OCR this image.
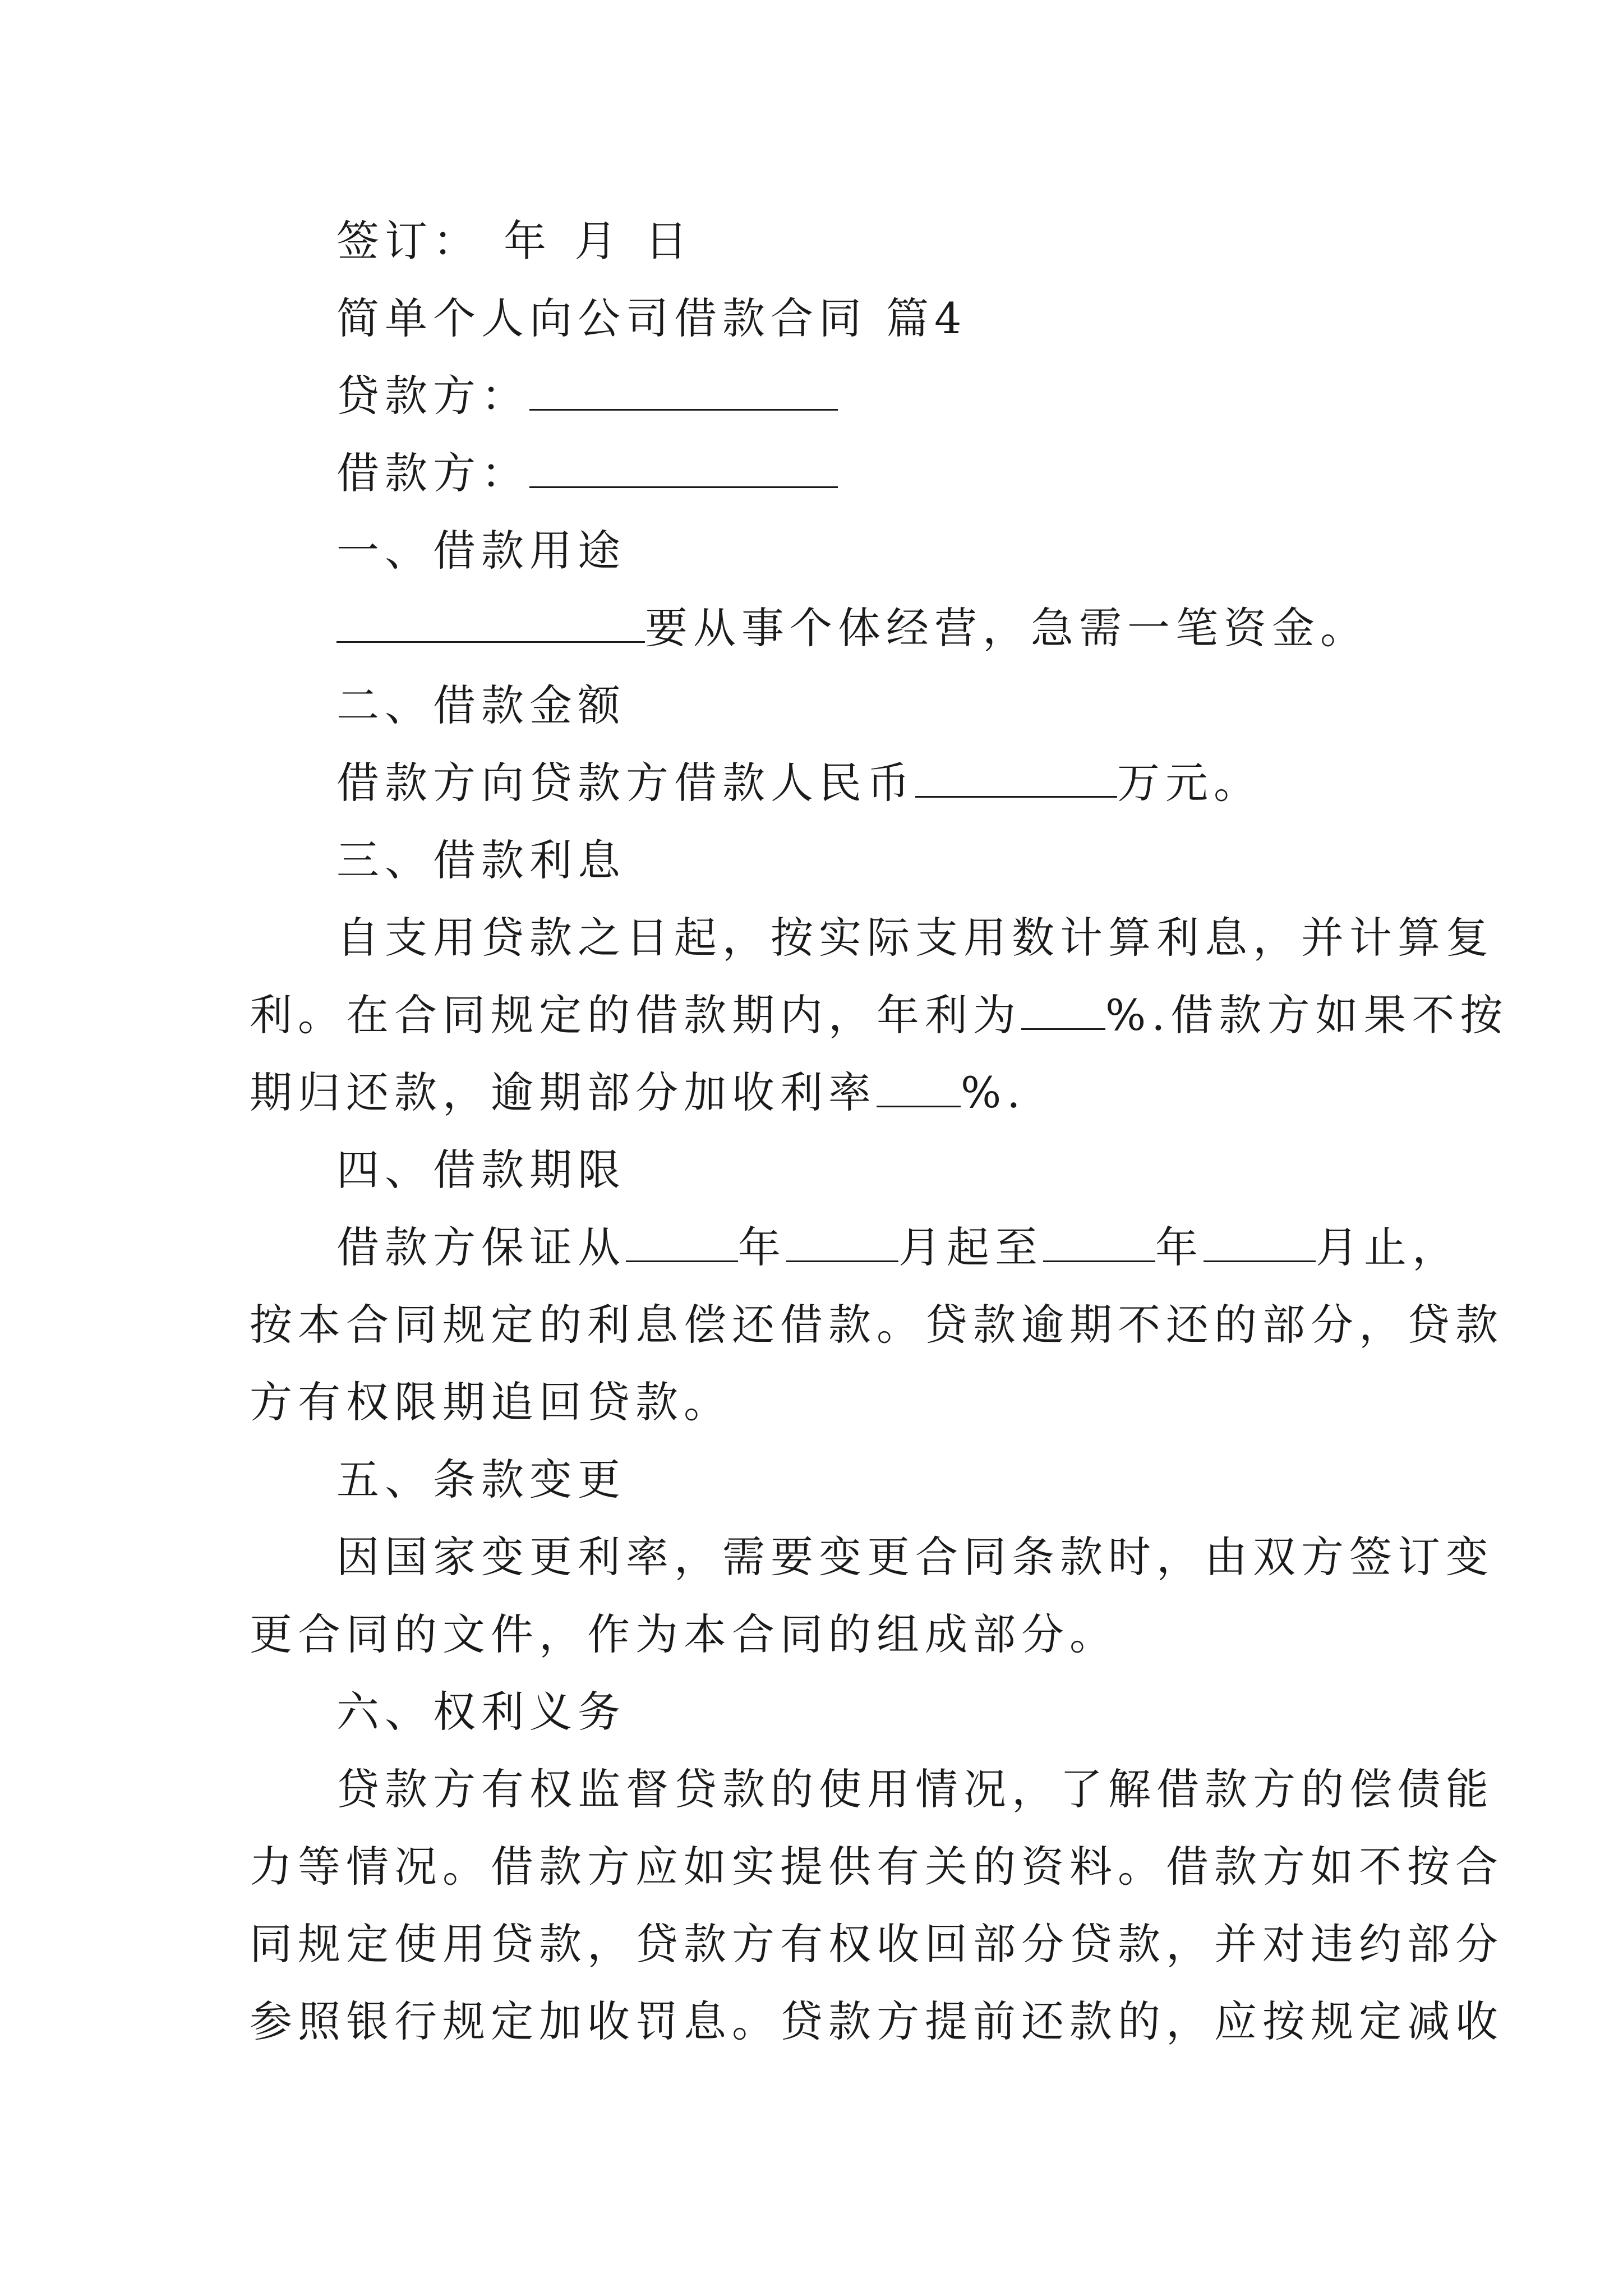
签订： 年 月 日
简单个人向公司借款合同 篇4
贷款方：
借款方：
一、借款用途
要从事个体经营，急需一笔资金。
二、借款金额
借款方向贷款方借款人民币	万元。
三、借款利息
自支用贷款之日起，按实际支用数计算利息，并计算复
利。在合同规定的借款期内，年利为 %.借款方如果不按
期归还款，逾期部分加收利率 %.
四、借款期限
借款方保证从	年	月起至	年	月止，
按本合同规定的利息偿还借款。贷款逾期不还的部分，贷款
方有权限期追回贷款。
五、条款变更
因国家变更利率，需要变更合同条款时，由双方签订变
更合同的文件，作为本合同的组成部分。
六、权利义务
贷款方有权监督贷款的使用情况，了解借款方的偿债能
力等情况。借款方应如实提供有关的资料。借款方如不按合
同规定使用贷款，贷款方有权收回部分贷款，并对违约部分
参照银行规定加收罚息。贷款方提前还款的，应按规定减收
